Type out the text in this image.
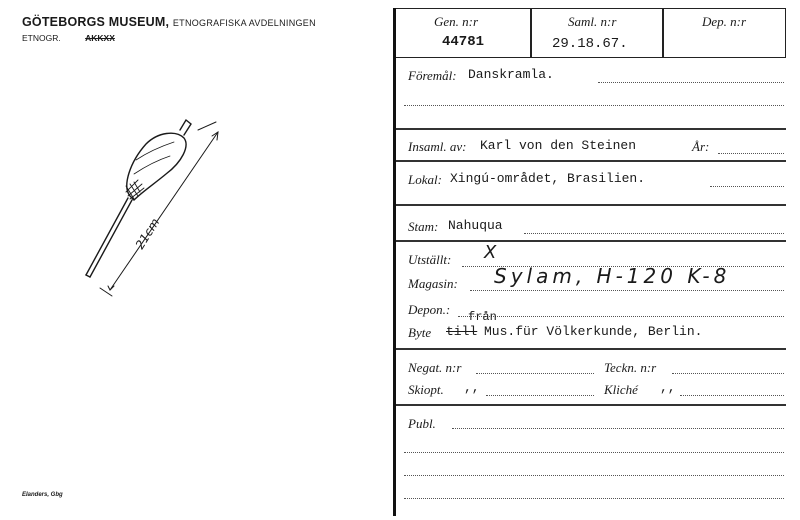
GÖTEBORGS MUSEUM, ETNOGRAFISKA AVDELNINGEN
ETNOGR.	AKKXX
21cm
Elanders, Gbg
Gen. n:r
44781
Saml. n:r
29.18.67.
Dep. n:r
Föremål: Danskramla.
Insaml. av: Karl von den Steinen	År:
Lokal: Xingú-området, Brasilien.
Stam: Nahuqua
Utställt: X
Magasin: Sylam, H-120 K-8
Depon.: från
Byte till Mus.für Völkerkunde, Berlin.
Negat. n:r	Teckn. n:r
Skiopt. ,,	Kliché ,,
Publ.
